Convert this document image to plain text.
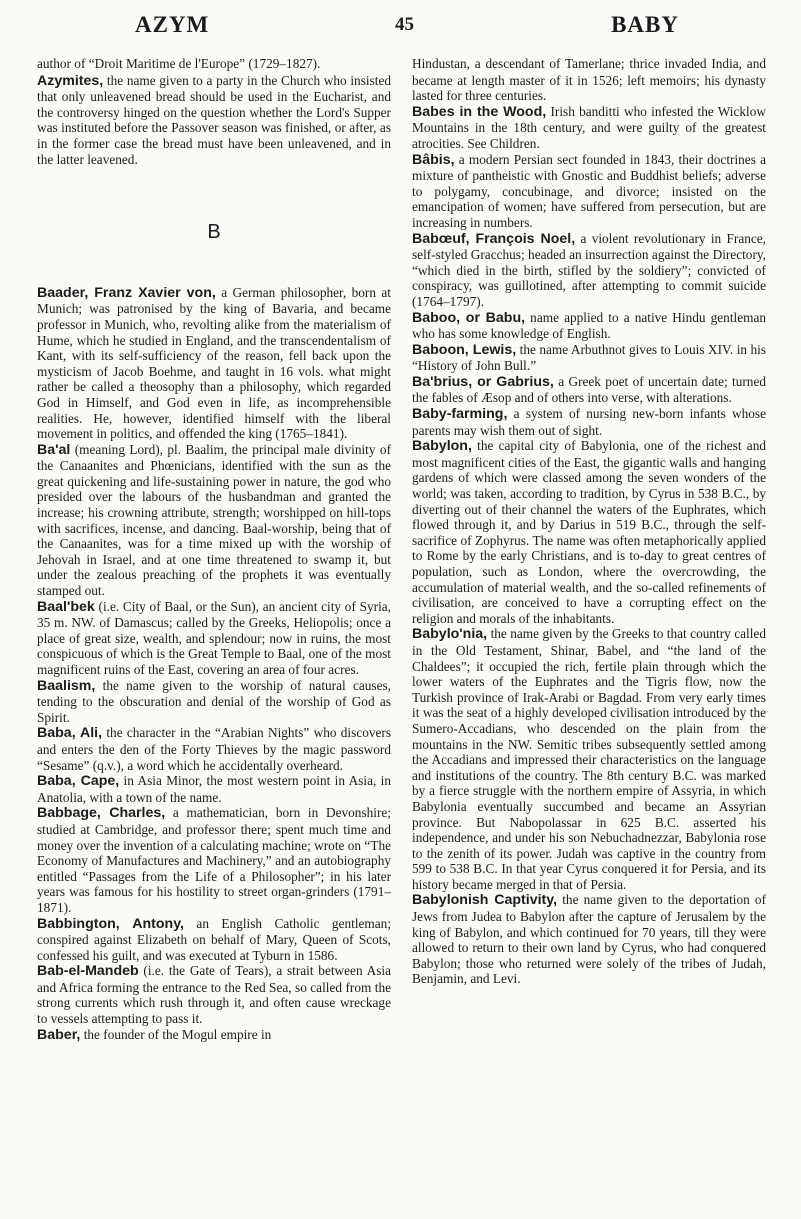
AZYM	45	BABY

author of “Droit Maritime de l'Europe” (1729–1827).

Azymites, the name given to a party in the Church who insisted that only unleavened bread should be used in the Eucharist, and the controversy hinged on the question whether the Lord's Supper was instituted before the Passover season was finished, or after, as in the former case the bread must have been unleavened, and in the latter leavened.

B

Baader, Franz Xavier von, a German philosopher, born at Munich; was patronised by the king of Bavaria, and became professor in Munich, who, revolting alike from the materialism of Hume, which he studied in England, and the transcendentalism of Kant, with its self-sufficiency of the reason, fell back upon the mysticism of Jacob Boehme, and taught in 16 vols. what might rather be called a theosophy than a philosophy, which regarded God in Himself, and God even in life, as incomprehensible realities. He, however, identified himself with the liberal movement in politics, and offended the king (1765–1841).

Ba'al (meaning Lord), pl. Baalim, the principal male divinity of the Canaanites and Phœnicians, identified with the sun as the great quickening and life-sustaining power in nature, the god who presided over the labours of the husbandman and granted the increase; his crowning attribute, strength; worshipped on hill-tops with sacrifices, incense, and dancing. Baal-worship, being that of the Canaanites, was for a time mixed up with the worship of Jehovah in Israel, and at one time threatened to swamp it, but under the zealous preaching of the prophets it was eventually stamped out.

Baal'bek (i.e. City of Baal, or the Sun), an ancient city of Syria, 35 m. NW. of Damascus; called by the Greeks, Heliopolis; once a place of great size, wealth, and splendour; now in ruins, the most conspicuous of which is the Great Temple to Baal, one of the most magnificent ruins of the East, covering an area of four acres.

Baalism, the name given to the worship of natural causes, tending to the obscuration and denial of the worship of God as Spirit.

Baba, Ali, the character in the “Arabian Nights” who discovers and enters the den of the Forty Thieves by the magic password “Sesame” (q.v.), a word which he accidentally overheard.

Baba, Cape, in Asia Minor, the most western point in Asia, in Anatolia, with a town of the name.

Babbage, Charles, a mathematician, born in Devonshire; studied at Cambridge, and professor there; spent much time and money over the invention of a calculating machine; wrote on “The Economy of Manufactures and Machinery,” and an autobiography entitled “Passages from the Life of a Philosopher”; in his later years was famous for his hostility to street organ-grinders (1791–1871).

Babbington, Antony, an English Catholic gentleman; conspired against Elizabeth on behalf of Mary, Queen of Scots, confessed his guilt, and was executed at Tyburn in 1586.

Bab-el-Mandeb (i.e. the Gate of Tears), a strait between Asia and Africa forming the entrance to the Red Sea, so called from the strong currents which rush through it, and often cause wreckage to vessels attempting to pass it.

Baber, the founder of the Mogul empire in

Hindustan, a descendant of Tamerlane; thrice invaded India, and became at length master of it in 1526; left memoirs; his dynasty lasted for three centuries.

Babes in the Wood, Irish banditti who infested the Wicklow Mountains in the 18th century, and were guilty of the greatest atrocities. See Children.

Bâbis, a modern Persian sect founded in 1843, their doctrines a mixture of pantheistic with Gnostic and Buddhist beliefs; adverse to polygamy, concubinage, and divorce; insisted on the emancipation of women; have suffered from persecution, but are increasing in numbers.

Babœuf, François Noel, a violent revolutionary in France, self-styled Gracchus; headed an insurrection against the Directory, “which died in the birth, stifled by the soldiery”; convicted of conspiracy, was guillotined, after attempting to commit suicide (1764–1797).

Baboo, or Babu, name applied to a native Hindu gentleman who has some knowledge of English.

Baboon, Lewis, the name Arbuthnot gives to Louis XIV. in his “History of John Bull.”

Ba'brius, or Gabrius, a Greek poet of uncertain date; turned the fables of Æsop and of others into verse, with alterations.

Baby-farming, a system of nursing new-born infants whose parents may wish them out of sight.

Babylon, the capital city of Babylonia, one of the richest and most magnificent cities of the East, the gigantic walls and hanging gardens of which were classed among the seven wonders of the world; was taken, according to tradition, by Cyrus in 538 B.C., by diverting out of their channel the waters of the Euphrates, which flowed through it, and by Darius in 519 B.C., through the self-sacrifice of Zophyrus. The name was often metaphorically applied to Rome by the early Christians, and is to-day to great centres of population, such as London, where the overcrowding, the accumulation of material wealth, and the so-called refinements of civilisation, are conceived to have a corrupting effect on the religion and morals of the inhabitants.

Babylo'nia, the name given by the Greeks to that country called in the Old Testament, Shinar, Babel, and “the land of the Chaldees”; it occupied the rich, fertile plain through which the lower waters of the Euphrates and the Tigris flow, now the Turkish province of Irak-Arabi or Bagdad. From very early times it was the seat of a highly developed civilisation introduced by the Sumero-Accadians, who descended on the plain from the mountains in the NW. Semitic tribes subsequently settled among the Accadians and impressed their characteristics on the language and institutions of the country. The 8th century B.C. was marked by a fierce struggle with the northern empire of Assyria, in which Babylonia eventually succumbed and became an Assyrian province. But Nabopolassar in 625 B.C. asserted his independence, and under his son Nebuchadnezzar, Babylonia rose to the zenith of its power. Judah was captive in the country from 599 to 538 B.C. In that year Cyrus conquered it for Persia, and its history became merged in that of Persia.

Babylonish Captivity, the name given to the deportation of Jews from Judea to Babylon after the capture of Jerusalem by the king of Babylon, and which continued for 70 years, till they were allowed to return to their own land by Cyrus, who had conquered Babylon; those who returned were solely of the tribes of Judah, Benjamin, and Levi.
